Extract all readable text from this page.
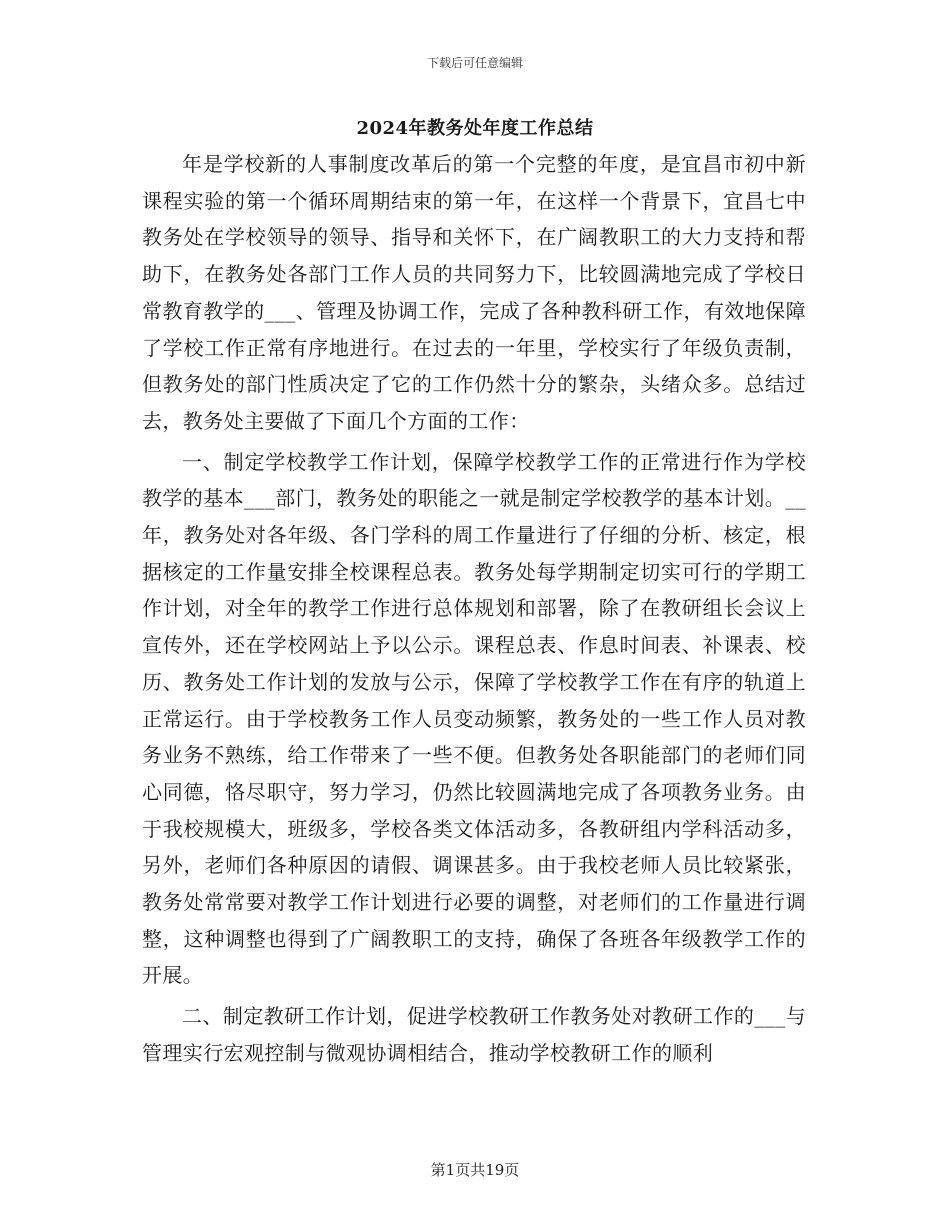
下载后可任意编辑
2024年教务处年度工作总结

年是学校新的人事制度改革后的第一个完整的年度，是宜昌市初中新课程实验的第一个循环周期结束的第一年，在这样一个背景下，宜昌七中教务处在学校领导的领导、指导和关怀下，在广阔教职工的大力支持和帮助下，在教务处各部门工作人员的共同努力下，比较圆满地完成了学校日常教育教学的___、管理及协调工作，完成了各种教科研工作，有效地保障了学校工作正常有序地进行。在过去的一年里，学校实行了年级负责制，但教务处的部门性质决定了它的工作仍然十分的繁杂，头绪众多。总结过去，教务处主要做了下面几个方面的工作：

一、制定学校教学工作计划，保障学校教学工作的正常进行作为学校教学的基本___部门，教务处的职能之一就是制定学校教学的基本计划。__年，教务处对各年级、各门学科的周工作量进行了仔细的分析、核定，根据核定的工作量安排全校课程总表。教务处每学期制定切实可行的学期工作计划，对全年的教学工作进行总体规划和部署，除了在教研组长会议上宣传外，还在学校网站上予以公示。课程总表、作息时间表、补课表、校历、教务处工作计划的发放与公示，保障了学校教学工作在有序的轨道上正常运行。由于学校教务工作人员变动频繁，教务处的一些工作人员对教务业务不熟练，给工作带来了一些不便。但教务处各职能部门的老师们同心同德，恪尽职守，努力学习，仍然比较圆满地完成了各项教务业务。由于我校规模大，班级多，学校各类文体活动多，各教研组内学科活动多，另外，老师们各种原因的请假、调课甚多。由于我校老师人员比较紧张，教务处常常要对教学工作计划进行必要的调整，对老师们的工作量进行调整，这种调整也得到了广阔教职工的支持，确保了各班各年级教学工作的开展。

二、制定教研工作计划，促进学校教研工作教务处对教研工作的___与管理实行宏观控制与微观协调相结合，推动学校教研工作的顺利

第1页共19页
